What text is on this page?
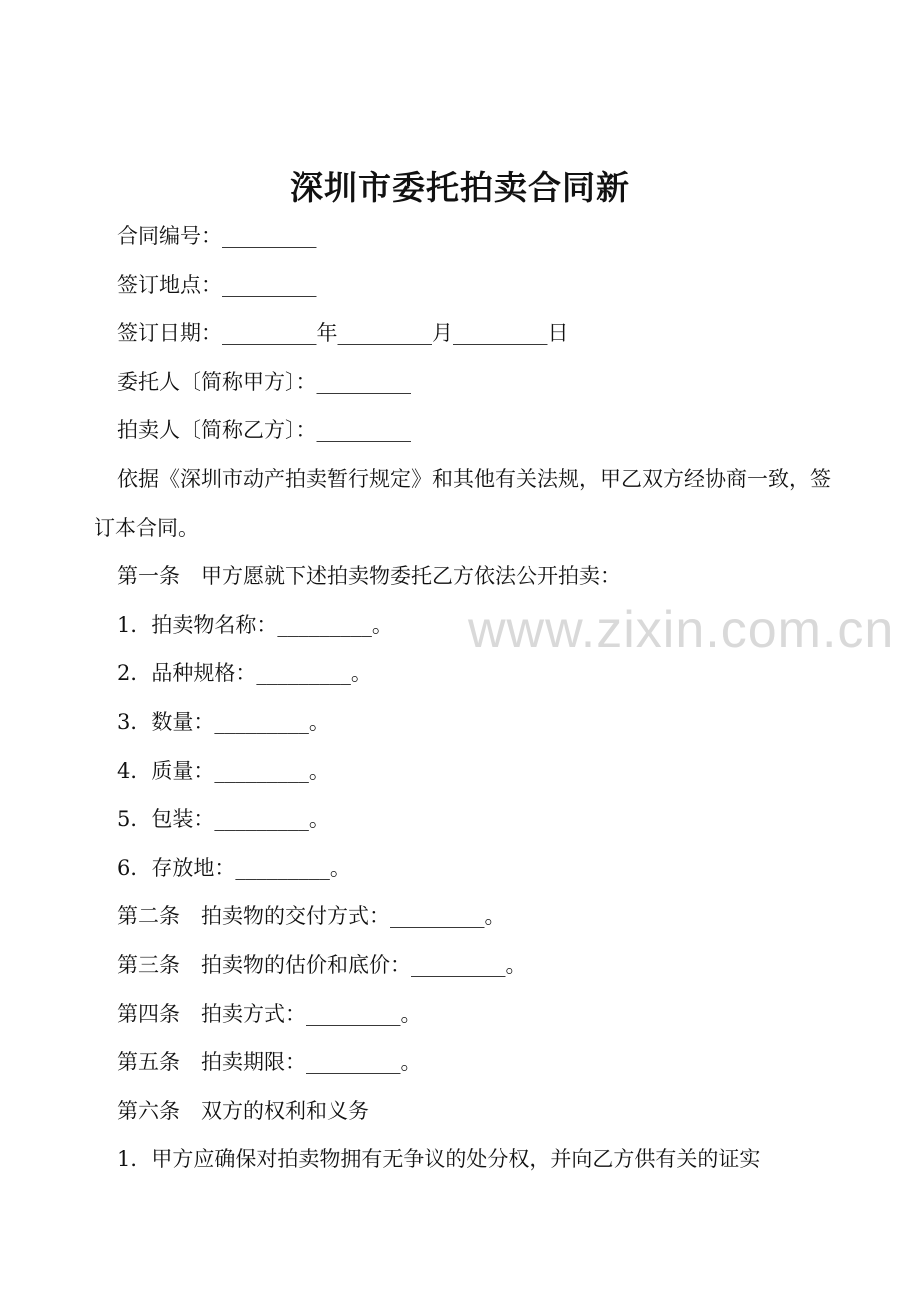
www.zixin.com.cn
深圳市委托拍卖合同新
合同编号：_________
签订地点：_________
签订日期：_________年_________月_________日
委托人〔简称甲方〕：_________
拍卖人〔简称乙方〕：_________
依据《深圳市动产拍卖暂行规定》和其他有关法规，甲乙双方经协商一致，签订本合同。
第一条　甲方愿就下述拍卖物委托乙方依法公开拍卖：
1．拍卖物名称：_________。
2．品种规格：_________。
3．数量：_________。
4．质量：_________。
5．包装：_________。
6．存放地：_________。
第二条　拍卖物的交付方式：_________。
第三条　拍卖物的估价和底价：_________。
第四条　拍卖方式：_________。
第五条　拍卖期限：_________。
第六条　双方的权利和义务
1．甲方应确保对拍卖物拥有无争议的处分权，并向乙方供有关的证实
